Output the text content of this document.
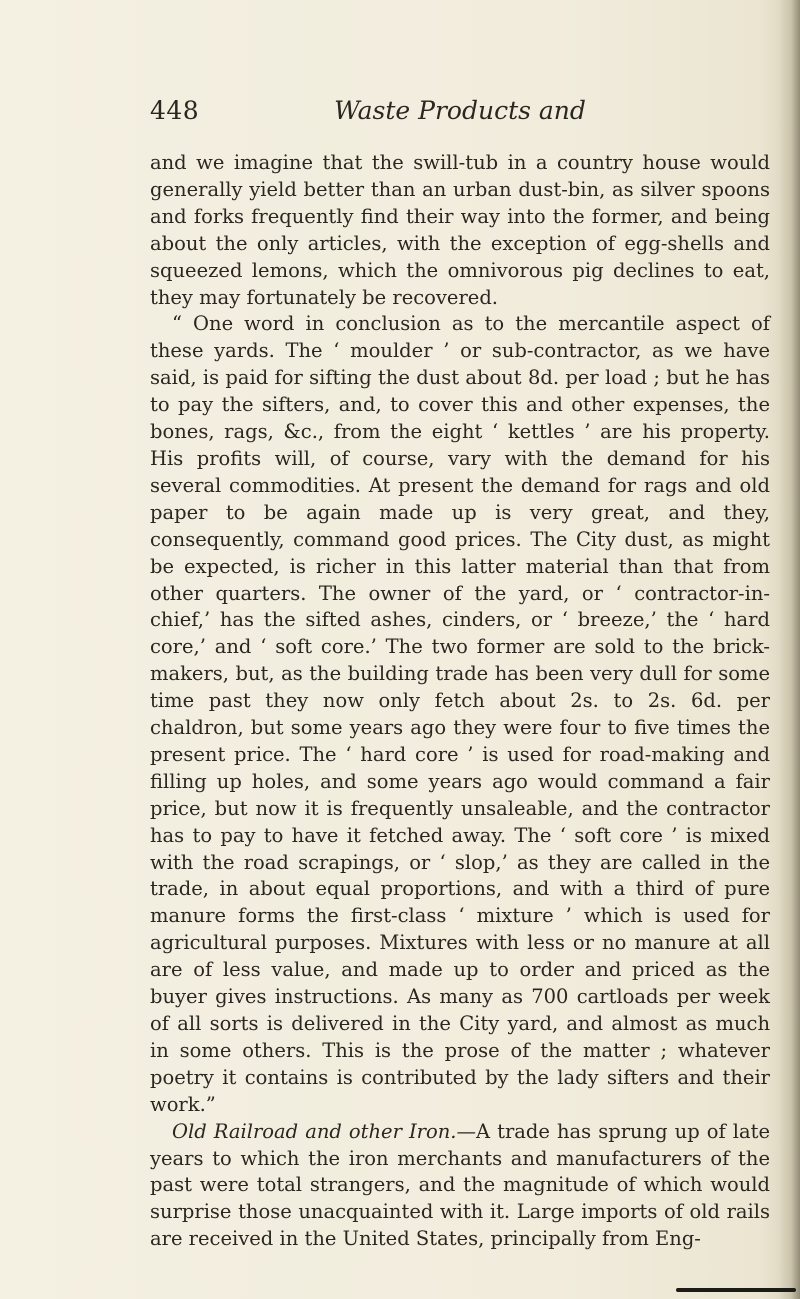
448	Waste Products and

and we imagine that the swill-tub in a country house would generally yield better than an urban dust-bin, as silver spoons and forks frequently find their way into the former, and being about the only articles, with the exception of egg-shells and squeezed lemons, which the omnivorous pig declines to eat, they may fortunately be recovered.

“ One word in conclusion as to the mercantile aspect of these yards. The ‘ moulder ’ or sub-contractor, as we have said, is paid for sifting the dust about 8d. per load ; but he has to pay the sifters, and, to cover this and other expenses, the bones, rags, &c., from the eight ‘ kettles ’ are his property. His profits will, of course, vary with the demand for his several commodities. At present the demand for rags and old paper to be again made up is very great, and they, consequently, command good prices. The City dust, as might be expected, is richer in this latter material than that from other quarters. The owner of the yard, or ‘ contractor-in-chief,’ has the sifted ashes, cinders, or ‘ breeze,’ the ‘ hard core,’ and ‘ soft core.’ The two former are sold to the brick-makers, but, as the building trade has been very dull for some time past they now only fetch about 2s. to 2s. 6d. per chaldron, but some years ago they were four to five times the present price. The ‘ hard core ’ is used for road-making and filling up holes, and some years ago would command a fair price, but now it is frequently unsaleable, and the contractor has to pay to have it fetched away. The ‘ soft core ’ is mixed with the road scrapings, or ‘ slop,’ as they are called in the trade, in about equal proportions, and with a third of pure manure forms the first-class ‘ mixture ’ which is used for agricultural purposes. Mixtures with less or no manure at all are of less value, and made up to order and priced as the buyer gives instructions. As many as 700 cartloads per week of all sorts is delivered in the City yard, and almost as much in some others. This is the prose of the matter ; whatever poetry it contains is contributed by the lady sifters and their work.”

Old Railroad and other Iron.—A trade has sprung up of late years to which the iron merchants and manufacturers of the past were total strangers, and the magnitude of which would surprise those unacquainted with it. Large imports of old rails are received in the United States, principally from Eng-
